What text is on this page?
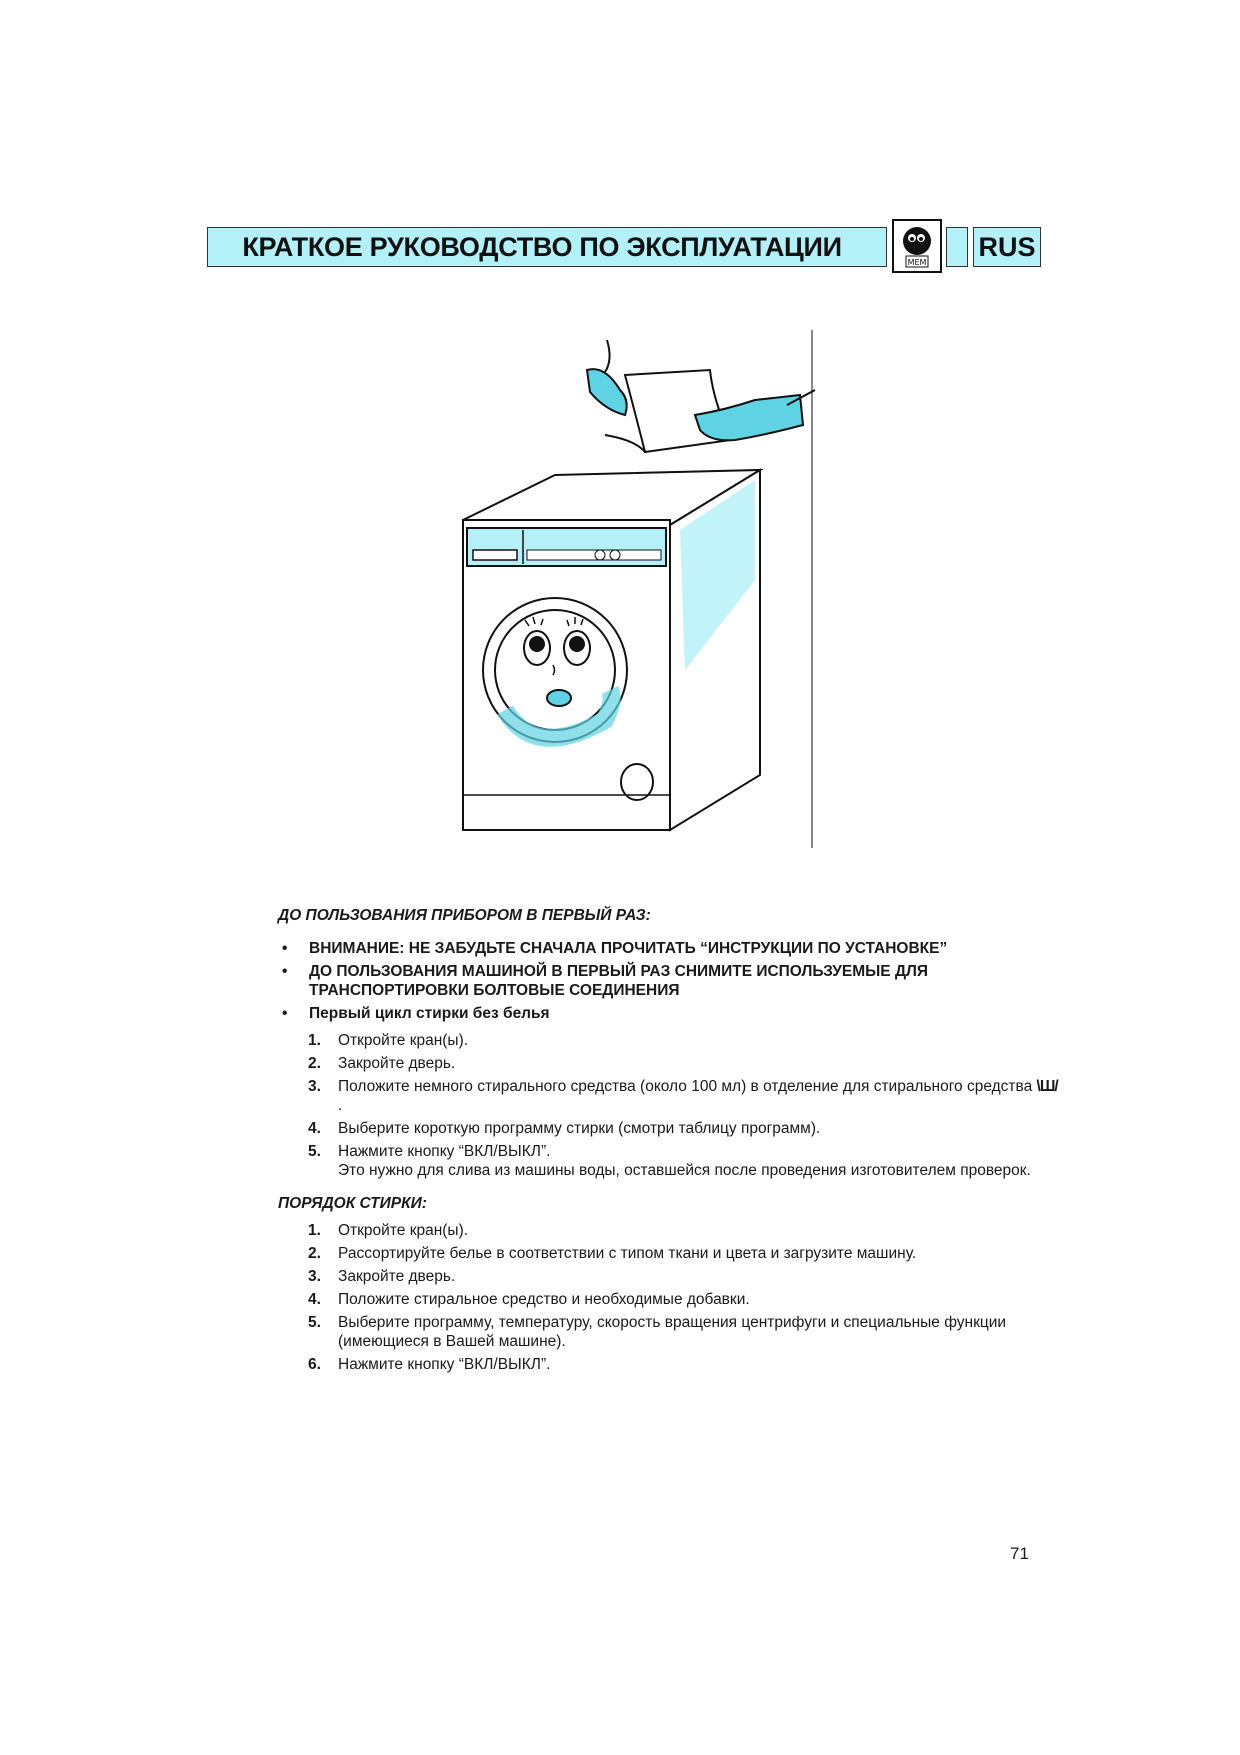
КРАТКОЕ РУКОВОДСТВО ПО ЭКСПЛУАТАЦИИ
MEM
RUS

ДО ПОЛЬЗОВАНИЯ ПРИБОРОМ В ПЕРВЫЙ РАЗ:

• ВНИМАНИЕ: НЕ ЗАБУДЬТЕ СНАЧАЛА ПРОЧИТАТЬ “ИНСТРУКЦИИ ПО УСТАНОВКЕ”
• ДО ПОЛЬЗОВАНИЯ МАШИНОЙ В ПЕРВЫЙ РАЗ СНИМИТЕ ИСПОЛЬЗУЕМЫЕ ДЛЯ ТРАНСПОРТИРОВКИ БОЛТОВЫЕ СОЕДИНЕНИЯ
• Первый цикл стирки без белья
1.	Откройте кран(ы).
2.	Закройте дверь.
3.	Положите немного стирального средства (около 100 мл) в отделение для стирального средства \Ш/.
4.	Выберите короткую программу стирки (смотри таблицу программ).
5.	Нажмите кнопку “ВКЛ/ВЫКЛ”.
Это нужно для слива из машины воды, оставшейся после проведения изготовителем проверок.

ПОРЯДОК СТИРКИ:

1.	Откройте кран(ы).
2.	Рассортируйте белье в соответствии с типом ткани и цвета и загрузите машину.
3.	Закройте дверь.
4.	Положите стиральное средство и необходимые добавки.
5.	Выберите программу, температуру, скорость вращения центрифуги и специальные функции (имеющиеся в Вашей машине).
6.	Нажмите кнопку “ВКЛ/ВЫКЛ”.
71
